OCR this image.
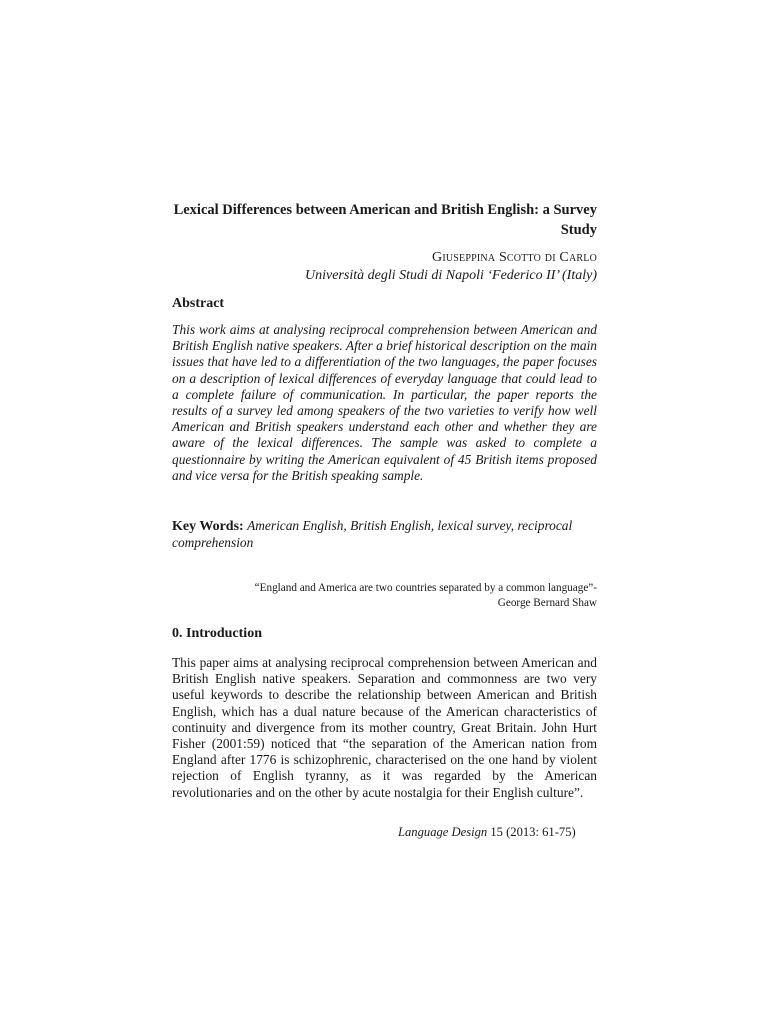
Lexical Differences between American and British English: a Survey Study
Giuseppina Scotto di Carlo
Università degli Studi di Napoli ‘Federico II’ (Italy)
Abstract
This work aims at analysing reciprocal comprehension between American and British English native speakers. After a brief historical description on the main issues that have led to a differentiation of the two languages, the paper focuses on a description of lexical differences of everyday language that could lead to a complete failure of communication. In particular, the paper reports the results of a survey led among speakers of the two varieties to verify how well American and British speakers understand each other and whether they are aware of the lexical differences. The sample was asked to complete a questionnaire by writing the American equivalent of 45 British items proposed and vice versa for the British speaking sample.
Key Words: American English, British English, lexical survey, reciprocal comprehension
“England and America are two countries separated by a common language”-
George Bernard Shaw
0. Introduction
This paper aims at analysing reciprocal comprehension between American and British English native speakers. Separation and commonness are two very useful keywords to describe the relationship between American and British English, which has a dual nature because of the American characteristics of continuity and divergence from its mother country, Great Britain. John Hurt Fisher (2001:59) noticed that “the separation of the American nation from England after 1776 is schizophrenic, characterised on the one hand by violent rejection of English tyranny, as it was regarded by the American revolutionaries and on the other by acute nostalgia for their English culture”.
Language Design 15 (2013: 61-75)
